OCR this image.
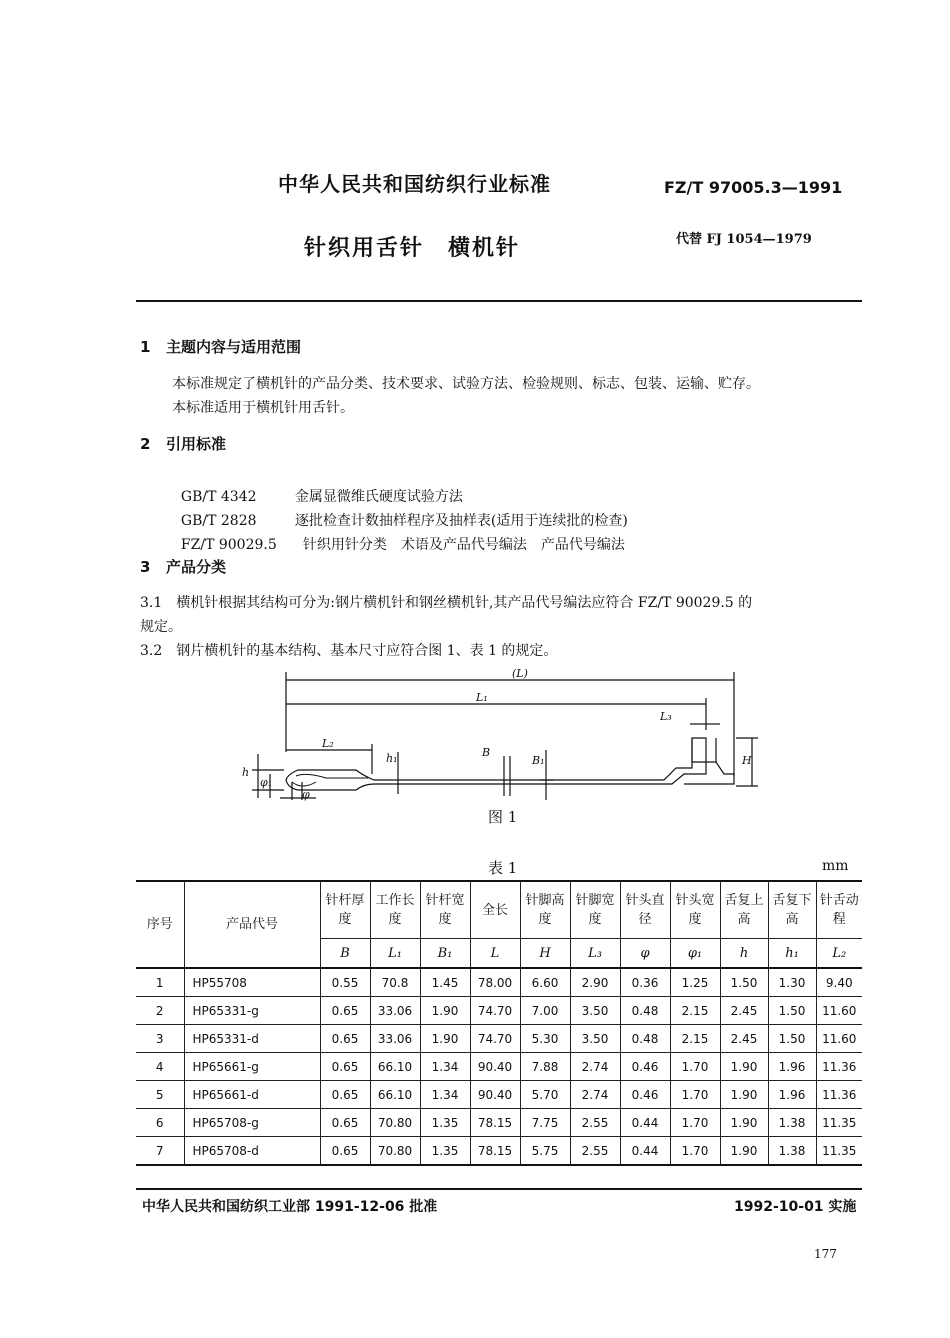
中华人民共和国纺织行业标准	FZ/T 97005.3—1991
针织用舌针　横机针	代替 FJ 1054—1979
1 主题内容与适用范围
本标准规定了横机针的产品分类、技术要求、试验方法、检验规则、标志、包装、运输、贮存。
本标准适用于横机针用舌针。
2 引用标准

GB/T 4342	金属显微维氏硬度试验方法

GB/T 2828	逐批检查计数抽样程序及抽样表(适用于连续批的检查)

FZ/T 90029.5 针织用针分类　术语及产品代号编法　产品代号编法

3 产品分类
3.1　横机针根据其结构可分为:钢片横机针和钢丝横机针,其产品代号编法应符合 FZ/T 90029.5 的
规定。
3.2　钢片横机针的基本结构、基本尺寸应符合图 1、表 1 的规定。
(L)
L₁
L₃
L₂
h₁	B
B₁	H
h
φ₁
φ
图 1
表 1	mm
序号	产品代号	针杆厚度	工作长度	针杆宽度	全长	针脚高度	针脚宽度	针头直径	针头宽度	舌复上高	舌复下高	针舌动程
		B	L₁	B₁	L	H	L₃	φ	φ₁	h	h₁	L₂
1	HP55708	0.55	70.8	1.45	78.00	6.60	2.90	0.36	1.25	1.50	1.30	9.40
2	HP65331-g	0.65	33.06	1.90	74.70	7.00	3.50	0.48	2.15	2.45	1.50	11.60
3	HP65331-d	0.65	33.06	1.90	74.70	5.30	3.50	0.48	2.15	2.45	1.50	11.60
4	HP65661-g	0.65	66.10	1.34	90.40	7.88	2.74	0.46	1.70	1.90	1.96	11.36
5	HP65661-d	0.65	66.10	1.34	90.40	5.70	2.74	0.46	1.70	1.90	1.96	11.36
6	HP65708-g	0.65	70.80	1.35	78.15	7.75	2.55	0.44	1.70	1.90	1.38	11.35
7	HP65708-d	0.65	70.80	1.35	78.15	5.75	2.55	0.44	1.70	1.90	1.38	11.35
中华人民共和国纺织工业部 1991-12-06 批准	1992-10-01 实施
177
